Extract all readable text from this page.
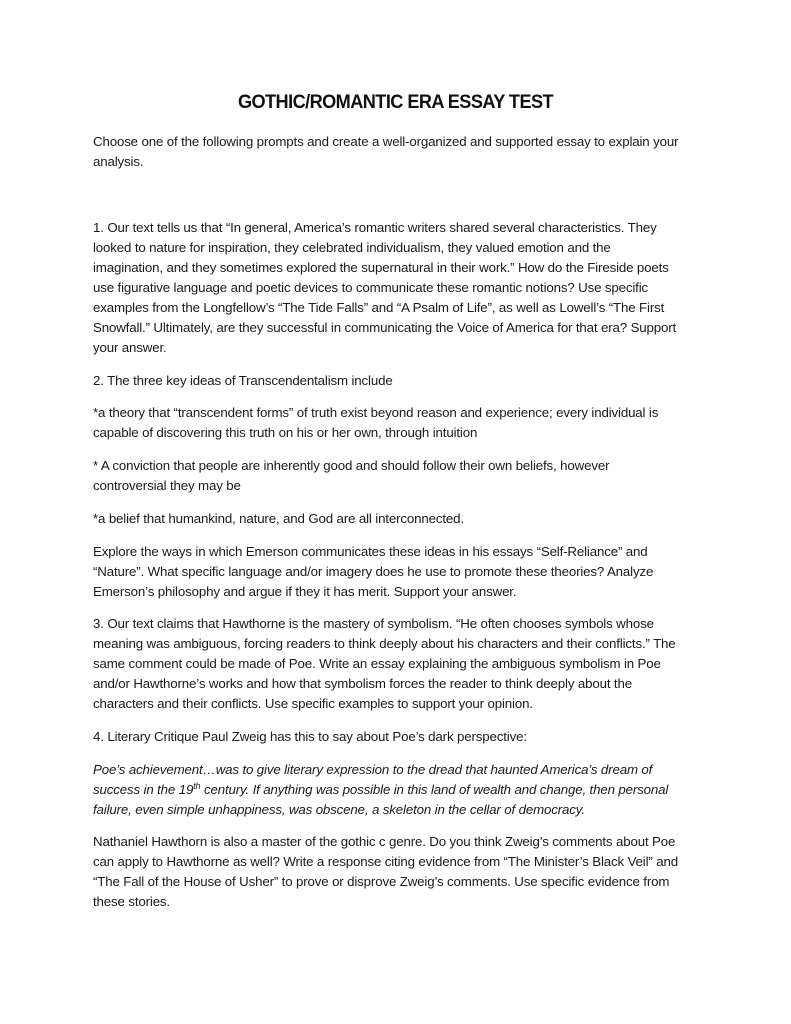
GOTHIC/ROMANTIC ERA ESSAY TEST

Choose one of the following prompts and create a well-organized and supported essay to explain your
analysis.

1. Our text tells us that “In general, America’s romantic writers shared several characteristics. They
looked to nature for inspiration, they celebrated individualism, they valued emotion and the
imagination, and they sometimes explored the supernatural in their work.” How do the Fireside poets
use figurative language and poetic devices to communicate these romantic notions? Use specific
examples from the Longfellow’s “The Tide Falls” and “A Psalm of Life”, as well as Lowell’s “The First
Snowfall.” Ultimately, are they successful in communicating the Voice of America for that era? Support
your answer.

2. The three key ideas of Transcendentalism include

*a theory that “transcendent forms” of truth exist beyond reason and experience; every individual is
capable of discovering this truth on his or her own, through intuition

* A conviction that people are inherently good and should follow their own beliefs, however
controversial they may be

*a belief that humankind, nature, and God are all interconnected.

Explore the ways in which Emerson communicates these ideas in his essays “Self-Reliance” and
“Nature”. What specific language and/or imagery does he use to promote these theories? Analyze
Emerson’s philosophy and argue if they it has merit. Support your answer.

3. Our text claims that Hawthorne is the mastery of symbolism. “He often chooses symbols whose
meaning was ambiguous, forcing readers to think deeply about his characters and their conflicts.” The
same comment could be made of Poe. Write an essay explaining the ambiguous symbolism in Poe
and/or Hawthorne’s works and how that symbolism forces the reader to think deeply about the
characters and their conflicts. Use specific examples to support your opinion.

4. Literary Critique Paul Zweig has this to say about Poe’s dark perspective:

Poe’s achievement…was to give literary expression to the dread that haunted America’s dream of
success in the 19th century. If anything was possible in this land of wealth and change, then personal
failure, even simple unhappiness, was obscene, a skeleton in the cellar of democracy.

Nathaniel Hawthorn is also a master of the gothic c genre. Do you think Zweig’s comments about Poe
can apply to Hawthorne as well? Write a response citing evidence from “The Minister’s Black Veil” and
“The Fall of the House of Usher” to prove or disprove Zweig’s comments. Use specific evidence from
these stories.
